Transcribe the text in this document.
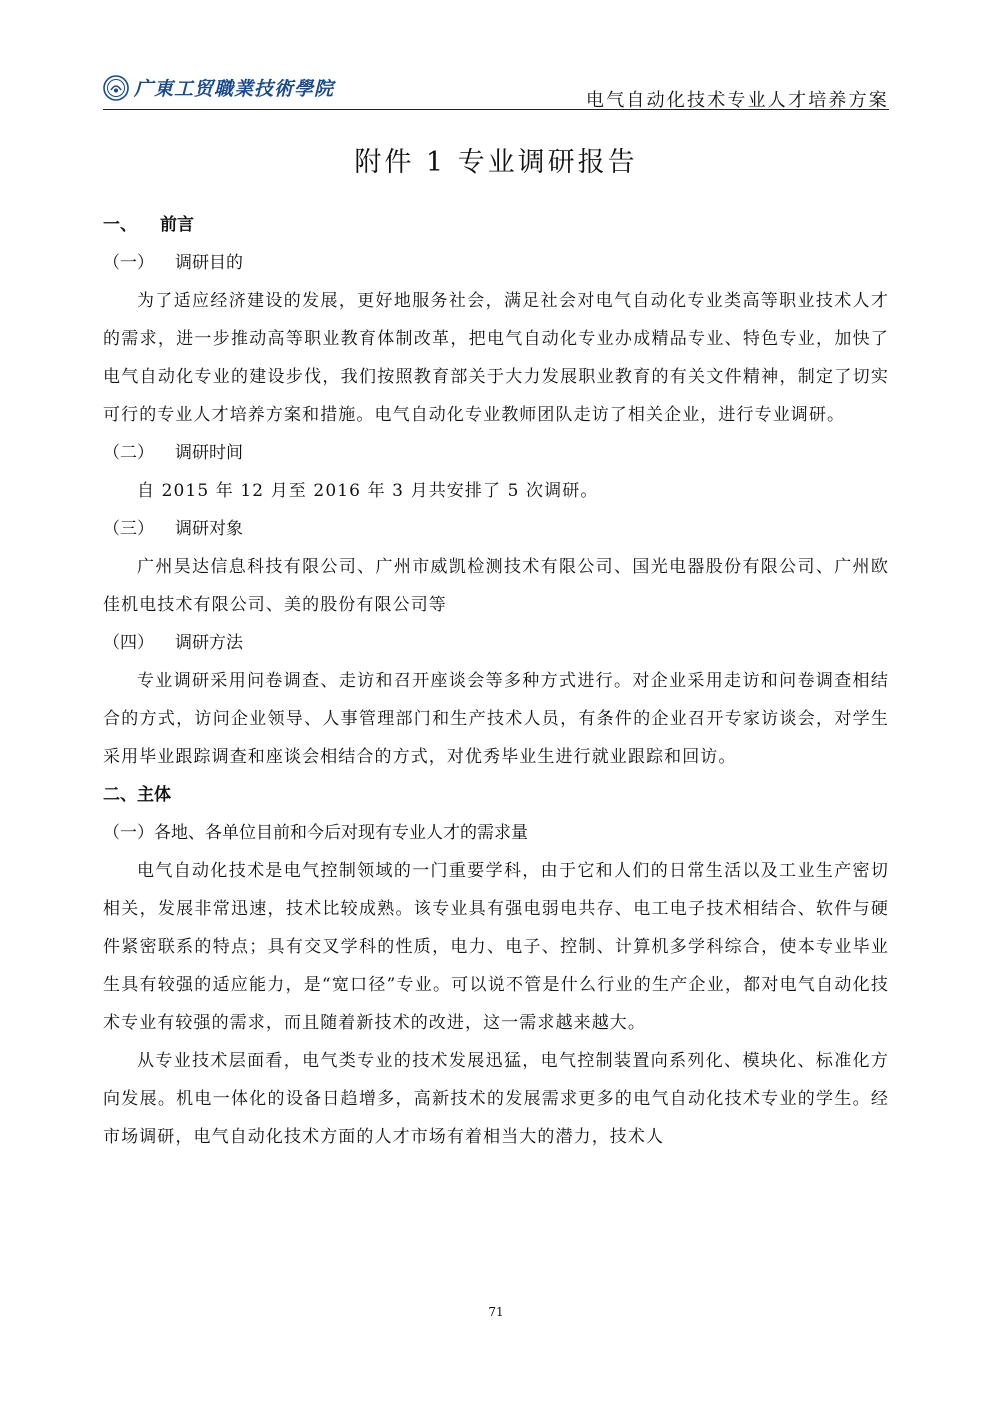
广東工贸職業技術學院
电气自动化技术专业人才培养方案
附件 1 专业调研报告

一、 前言

（一） 调研目的

为了适应经济建设的发展，更好地服务社会，满足社会对电气自动化专业类高等职业技术人才的需求，进一步推动高等职业教育体制改革，把电气自动化专业办成精品专业、特色专业，加快了电气自动化专业的建设步伐，我们按照教育部关于大力发展职业教育的有关文件精神，制定了切实可行的专业人才培养方案和措施。电气自动化专业教师团队走访了相关企业，进行专业调研。

（二） 调研时间

自 2015 年 12 月至 2016 年 3 月共安排了 5 次调研。

（三） 调研对象

广州昊达信息科技有限公司、广州市威凯检测技术有限公司、国光电器股份有限公司、广州欧佳机电技术有限公司、美的股份有限公司等

（四） 调研方法

专业调研采用问卷调查、走访和召开座谈会等多种方式进行。对企业采用走访和问卷调查相结合的方式，访问企业领导、人事管理部门和生产技术人员，有条件的企业召开专家访谈会，对学生采用毕业跟踪调查和座谈会相结合的方式，对优秀毕业生进行就业跟踪和回访。

二、主体

（一）各地、各单位目前和今后对现有专业人才的需求量

电气自动化技术是电气控制领域的一门重要学科，由于它和人们的日常生活以及工业生产密切相关，发展非常迅速，技术比较成熟。该专业具有强电弱电共存、电工电子技术相结合、软件与硬件紧密联系的特点；具有交叉学科的性质，电力、电子、控制、计算机多学科综合，使本专业毕业生具有较强的适应能力，是“宽口径”专业。可以说不管是什么行业的生产企业，都对电气自动化技术专业有较强的需求，而且随着新技术的改进，这一需求越来越大。

从专业技术层面看，电气类专业的技术发展迅猛，电气控制装置向系列化、模块化、标准化方向发展。机电一体化的设备日趋增多，高新技术的发展需求更多的电气自动化技术专业的学生。经市场调研，电气自动化技术方面的人才市场有着相当大的潜力，技术人

71
